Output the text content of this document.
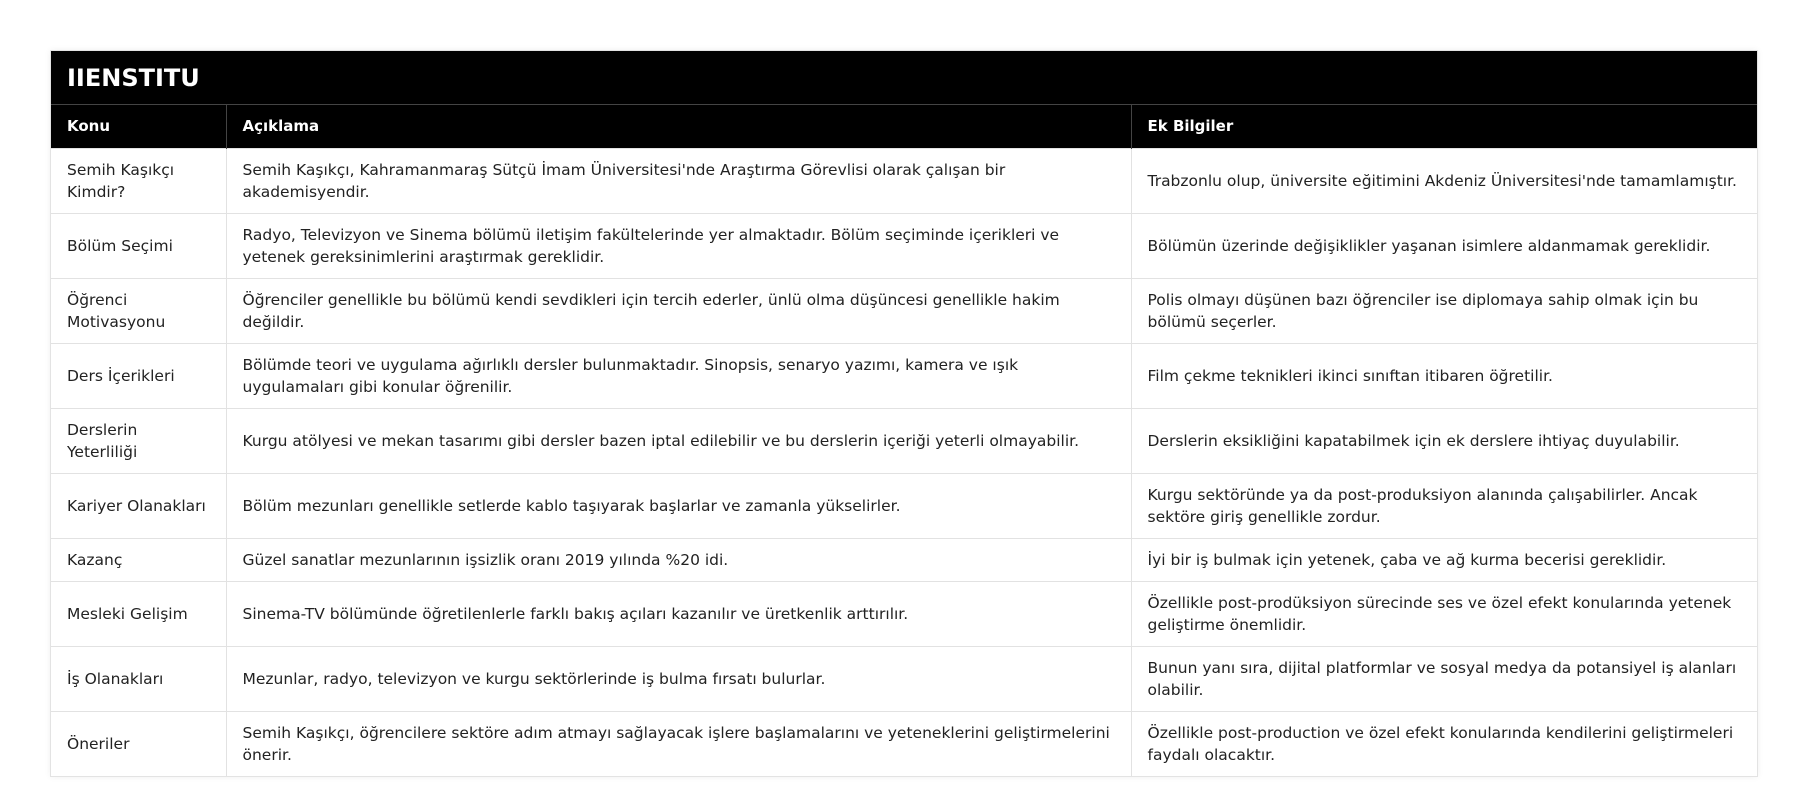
IIENSTITU
Konu	Açıklama	Ek Bilgiler
Semih Kaşıkçı Kimdir?	Semih Kaşıkçı, Kahramanmaraş Sütçü İmam Üniversitesi'nde Araştırma Görevlisi olarak çalışan bir akademisyendir.	Trabzonlu olup, üniversite eğitimini Akdeniz Üniversitesi'nde tamamlamıştır.
Bölüm Seçimi	Radyo, Televizyon ve Sinema bölümü iletişim fakültelerinde yer almaktadır. Bölüm seçiminde içerikleri ve yetenek gereksinimlerini araştırmak gereklidir.	Bölümün üzerinde değişiklikler yaşanan isimlere aldanmamak gereklidir.
Öğrenci Motivasyonu	Öğrenciler genellikle bu bölümü kendi sevdikleri için tercih ederler, ünlü olma düşüncesi genellikle hakim değildir.	Polis olmayı düşünen bazı öğrenciler ise diplomaya sahip olmak için bu bölümü seçerler.
Ders İçerikleri	Bölümde teori ve uygulama ağırlıklı dersler bulunmaktadır. Sinopsis, senaryo yazımı, kamera ve ışık uygulamaları gibi konular öğrenilir.	Film çekme teknikleri ikinci sınıftan itibaren öğretilir.
Derslerin Yeterliliği	Kurgu atölyesi ve mekan tasarımı gibi dersler bazen iptal edilebilir ve bu derslerin içeriği yeterli olmayabilir.	Derslerin eksikliğini kapatabilmek için ek derslere ihtiyaç duyulabilir.
Kariyer Olanakları	Bölüm mezunları genellikle setlerde kablo taşıyarak başlarlar ve zamanla yükselirler.	Kurgu sektöründe ya da post-produksiyon alanında çalışabilirler. Ancak sektöre giriş genellikle zordur.
Kazanç	Güzel sanatlar mezunlarının işsizlik oranı 2019 yılında %20 idi.	İyi bir iş bulmak için yetenek, çaba ve ağ kurma becerisi gereklidir.
Mesleki Gelişim	Sinema-TV bölümünde öğretilenlerle farklı bakış açıları kazanılır ve üretkenlik arttırılır.	Özellikle post-prodüksiyon sürecinde ses ve özel efekt konularında yetenek geliştirme önemlidir.
İş Olanakları	Mezunlar, radyo, televizyon ve kurgu sektörlerinde iş bulma fırsatı bulurlar.	Bunun yanı sıra, dijital platformlar ve sosyal medya da potansiyel iş alanları olabilir.
Öneriler	Semih Kaşıkçı, öğrencilere sektöre adım atmayı sağlayacak işlere başlamalarını ve yeteneklerini geliştirmelerini önerir.	Özellikle post-production ve özel efekt konularında kendilerini geliştirmeleri faydalı olacaktır.
